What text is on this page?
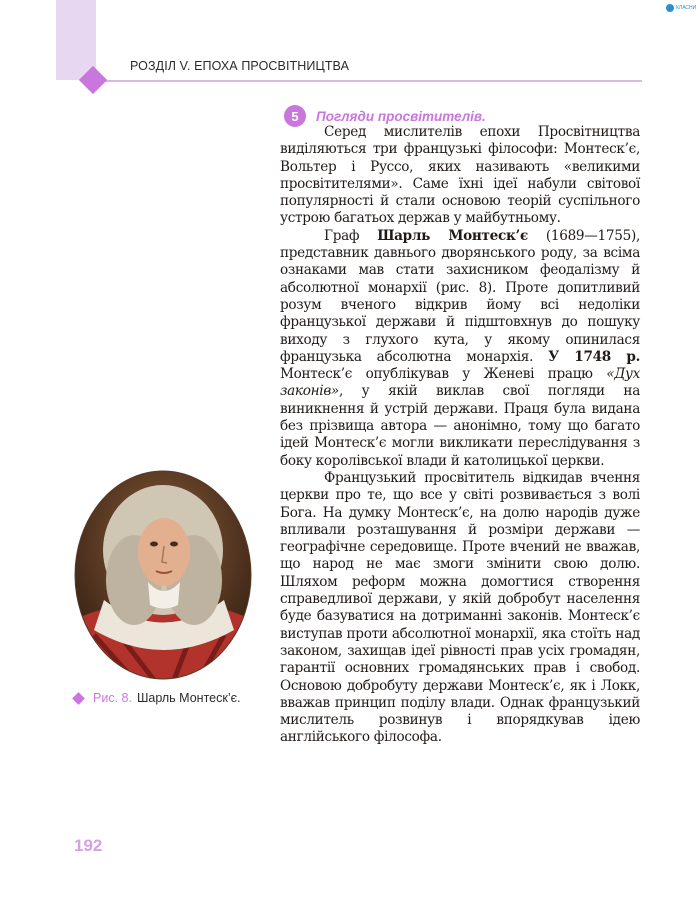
РОЗДІЛ V. ЕПОХА ПРОСВІТНИЦТВА
КЛАСНИ
5	Погляди просвітителів.

Серед мислителів епохи Просвітництва виділяються три французькі філософи: Монтеск’є, Вольтер і Руссо, яких називають «великими просвітителями». Саме їхні ідеї набули світової популярності й стали основою теорій суспільного устрою багатьох держав у майбутньому.

Граф Шарль Монтеск’є (1689—1755), представник давнього дворянського роду, за всіма ознаками мав стати захисником феодалізму й абсолютної монархії (рис. 8). Проте допитливий розум вченого відкрив йому всі недоліки французької держави й підштовхнув до пошуку виходу з глухого кута, у якому опинилася французька абсолютна монархія. У 1748 р. Монтеск’є опублікував у Женеві працю «Дух законів», у якій виклав свої погляди на виникнення й устрій держави. Праця була видана без прізвища автора — анонімно, тому що багато ідей Монтеск’є могли викликати переслідування з боку королівської влади й католицької церкви.

Французький просвітитель відкидав вчення церкви про те, що все у світі розвивається з волі Бога. На думку Монтеск’є, на долю народів дуже впливали розташування й розміри держави — географічне середовище. Проте вчений не вважав, що народ не має змоги змінити свою долю. Шляхом реформ можна домогтися створення справедливої держави, у якій добробут населення буде базуватися на дотриманні законів. Монтеск’є виступав проти абсолютної монархії, яка стоїть над законом, захищав ідеї рівності прав усіх громадян, гарантії основних громадянських прав і свобод. Основою добробуту держави Монтеск’є, як і Локк, вважав принцип поділу влади. Однак французький мислитель розвинув і впорядкував ідею англійського філософа.

Рис. 8. Шарль Монтеск’є.
192
